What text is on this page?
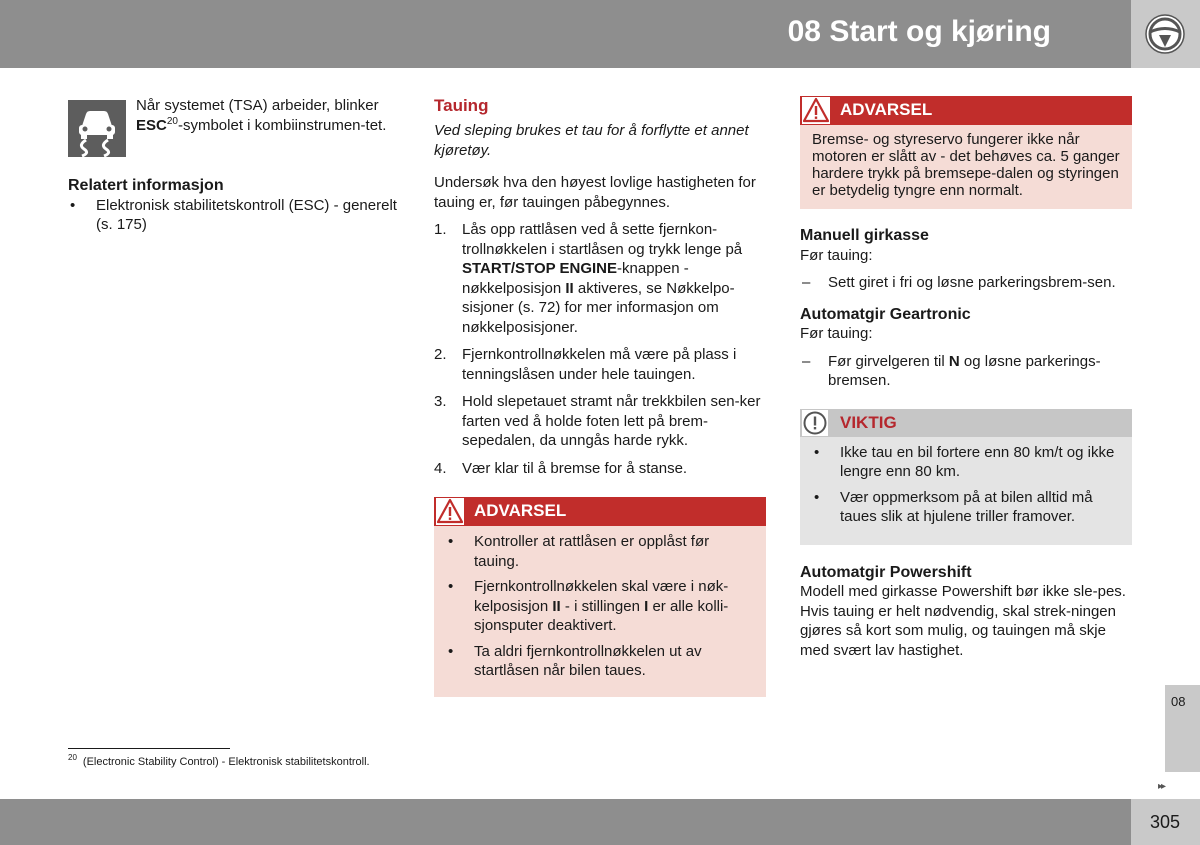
08 Start og kjøring
Når systemet (TSA) arbeider, blinker ESC$^{20}$-symbolet i kombiinstrumen-tet.
Relatert informasjon
• Elektronisk stabilitetskontroll (ESC) - generelt (s. 175)
Tauing

Ved sleping brukes et tau for å forflytte et annet kjøretøy.

Undersøk hva den høyest lovlige hastigheten for tauing er, før tauingen påbegynnes.

1. Lås opp rattlåsen ved å sette fjernkon-trollnøkkelen i startlåsen og trykk lenge på START/STOP ENGINE-knappen - nøkkelposisjon II aktiveres, se Nøkkelpo-sisjoner (s. 72) for mer informasjon om nøkkelposisjoner.
2. Fjernkontrollnøkkelen må være på plass i tenningslåsen under hele tauingen.
3. Hold slepetauet stramt når trekkbilen sen-ker farten ved å holde foten lett på brem-sepedalen, da unngås harde rykk.
4. Vær klar til å bremse for å stanse.
ADVARSEL
• Kontroller at rattlåsen er opplåst før tauing.
• Fjernkontrollnøkkelen skal være i nøk-kelposisjon II - i stillingen I er alle kolli-sjonsputer deaktivert.
• Ta aldri fjernkontrollnøkkelen ut av startlåsen når bilen taues.
ADVARSEL

Bremse- og styreservo fungerer ikke når motoren er slått av - det behøves ca. 5 ganger hardere trykk på bremsepe-dalen og styringen er betydelig tyngre enn normalt.

Manuell girkasse

Før tauing:

– Sett giret i fri og løsne parkeringsbrem-sen.
Automatgir Geartronic

Før tauing:

– Før girvelgeren til N og løsne parkerings-bremsen.
VIKTIG
• Ikke tau en bil fortere enn 80 km/t og ikke lengre enn 80 km.
• Vær oppmerksom på at bilen alltid må taues slik at hjulene triller framover.
Automatgir Powershift

Modell med girkasse Powershift bør ikke sle-pes. Hvis tauing er helt nødvendig, skal strek-ningen gjøres så kort som mulig, og tauingen må skje med svært lav hastighet.

$^{20}$ (Electronic Stability Control) - Elektronisk stabilitetskontroll.
08
▸▸
305
